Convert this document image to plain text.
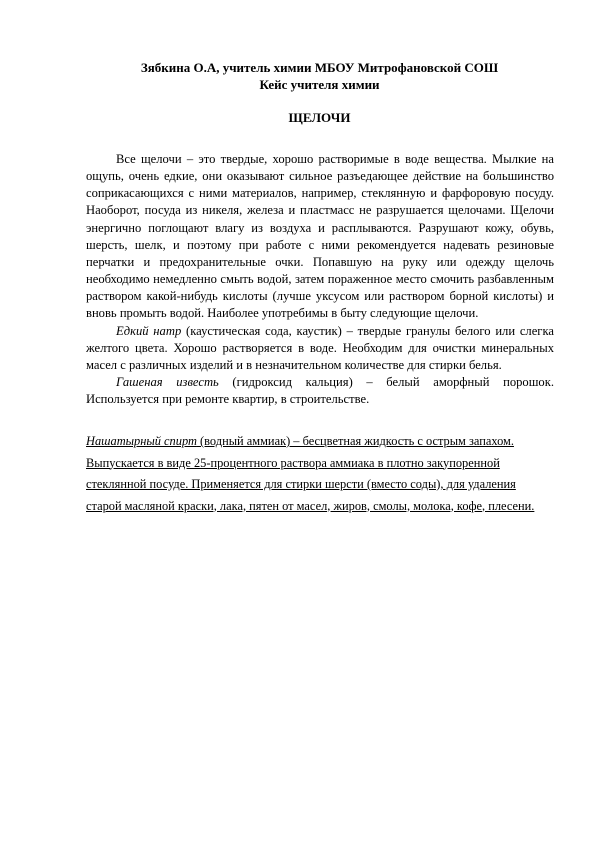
Зябкина О.А, учитель химии МБОУ Митрофановской СОШ
Кейс учителя химии
ЩЕЛОЧИ

Все щелочи – это твердые, хорошо растворимые в воде вещества. Мылкие на ощупь, очень едкие, они оказывают сильное разъедающее действие на большинство соприкасающихся с ними материалов, например, стеклянную и фарфоровую посуду. Наоборот, посуда из никеля, железа и пластмасс не разрушается щелочами. Щелочи энергично поглощают влагу из воздуха и расплываются. Разрушают кожу, обувь, шерсть, шелк, и поэтому при работе с ними рекомендуется надевать резиновые перчатки и предохранительные очки. Попавшую на руку или одежду щелочь необходимо немедленно смыть водой, затем пораженное место смочить разбавленным раствором какой-нибудь кислоты (лучше уксусом или раствором борной кислоты) и вновь промыть водой. Наиболее употребимы в быту следующие щелочи.

Едкий натр (каустическая сода, каустик) – твердые гранулы белого или слегка желтого цвета. Хорошо растворяется в воде. Необходим для очистки минеральных масел с различных изделий и в незначительном количестве для стирки белья.

Гашеная известь (гидроксид кальция) – белый аморфный порошок. Используется при ремонте квартир, в строительстве.

Нашатырный спирт (водный аммиак) – бесцветная жидкость с острым запахом. Выпускается в виде 25-процентного раствора аммиака в плотно закупоренной стеклянной посуде. Применяется для стирки шерсти (вместо соды), для удаления старой масляной краски, лака, пятен от масел, жиров, смолы, молока, кофе, плесени.
